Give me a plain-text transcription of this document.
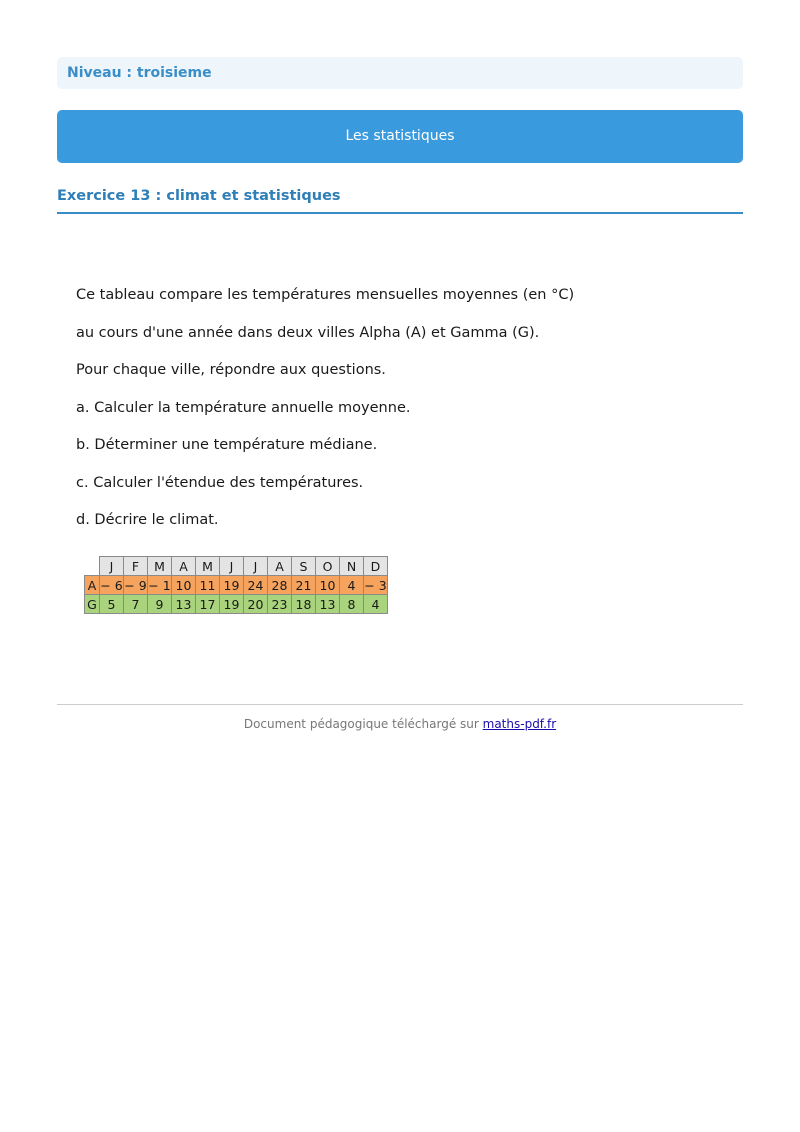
Niveau : troisieme
Les statistiques
Exercice 13 : climat et statistiques

Ce tableau compare les températures mensuelles moyennes (en °C)

au cours d'une année dans deux villes Alpha (A) et Gamma (G).

Pour chaque ville, répondre aux questions.

a. Calculer la température annuelle moyenne.

b. Déterminer une température médiane.

c. Calculer l'étendue des températures.

d. Décrire le climat.

	J	F	M	A	M	J	J	A	S	O	N	D
A	− 6	− 9	− 1	10	11	19	24	28	21	10	4	− 3
G	5	7	9	13	17	19	20	23	18	13	8	4
Document pédagogique téléchargé sur maths-pdf.fr
